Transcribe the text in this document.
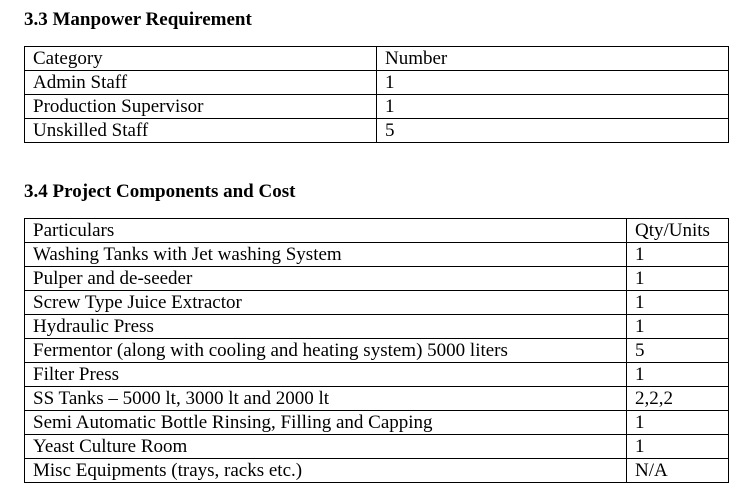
3.3 Manpower Requirement
Category	Number
Admin Staff	1
Production Supervisor	1
Unskilled Staff	5
3.4 Project Components and Cost
Particulars	Qty/Units
Washing Tanks with Jet washing System	1
Pulper and de-seeder	1
Screw Type Juice Extractor	1
Hydraulic Press	1
Fermentor (along with cooling and heating system) 5000 liters	5
Filter Press	1
SS Tanks – 5000 lt, 3000 lt and 2000 lt	2,2,2
Semi Automatic Bottle Rinsing, Filling and Capping	1
Yeast Culture Room	1
Misc Equipments (trays, racks etc.)	N/A
